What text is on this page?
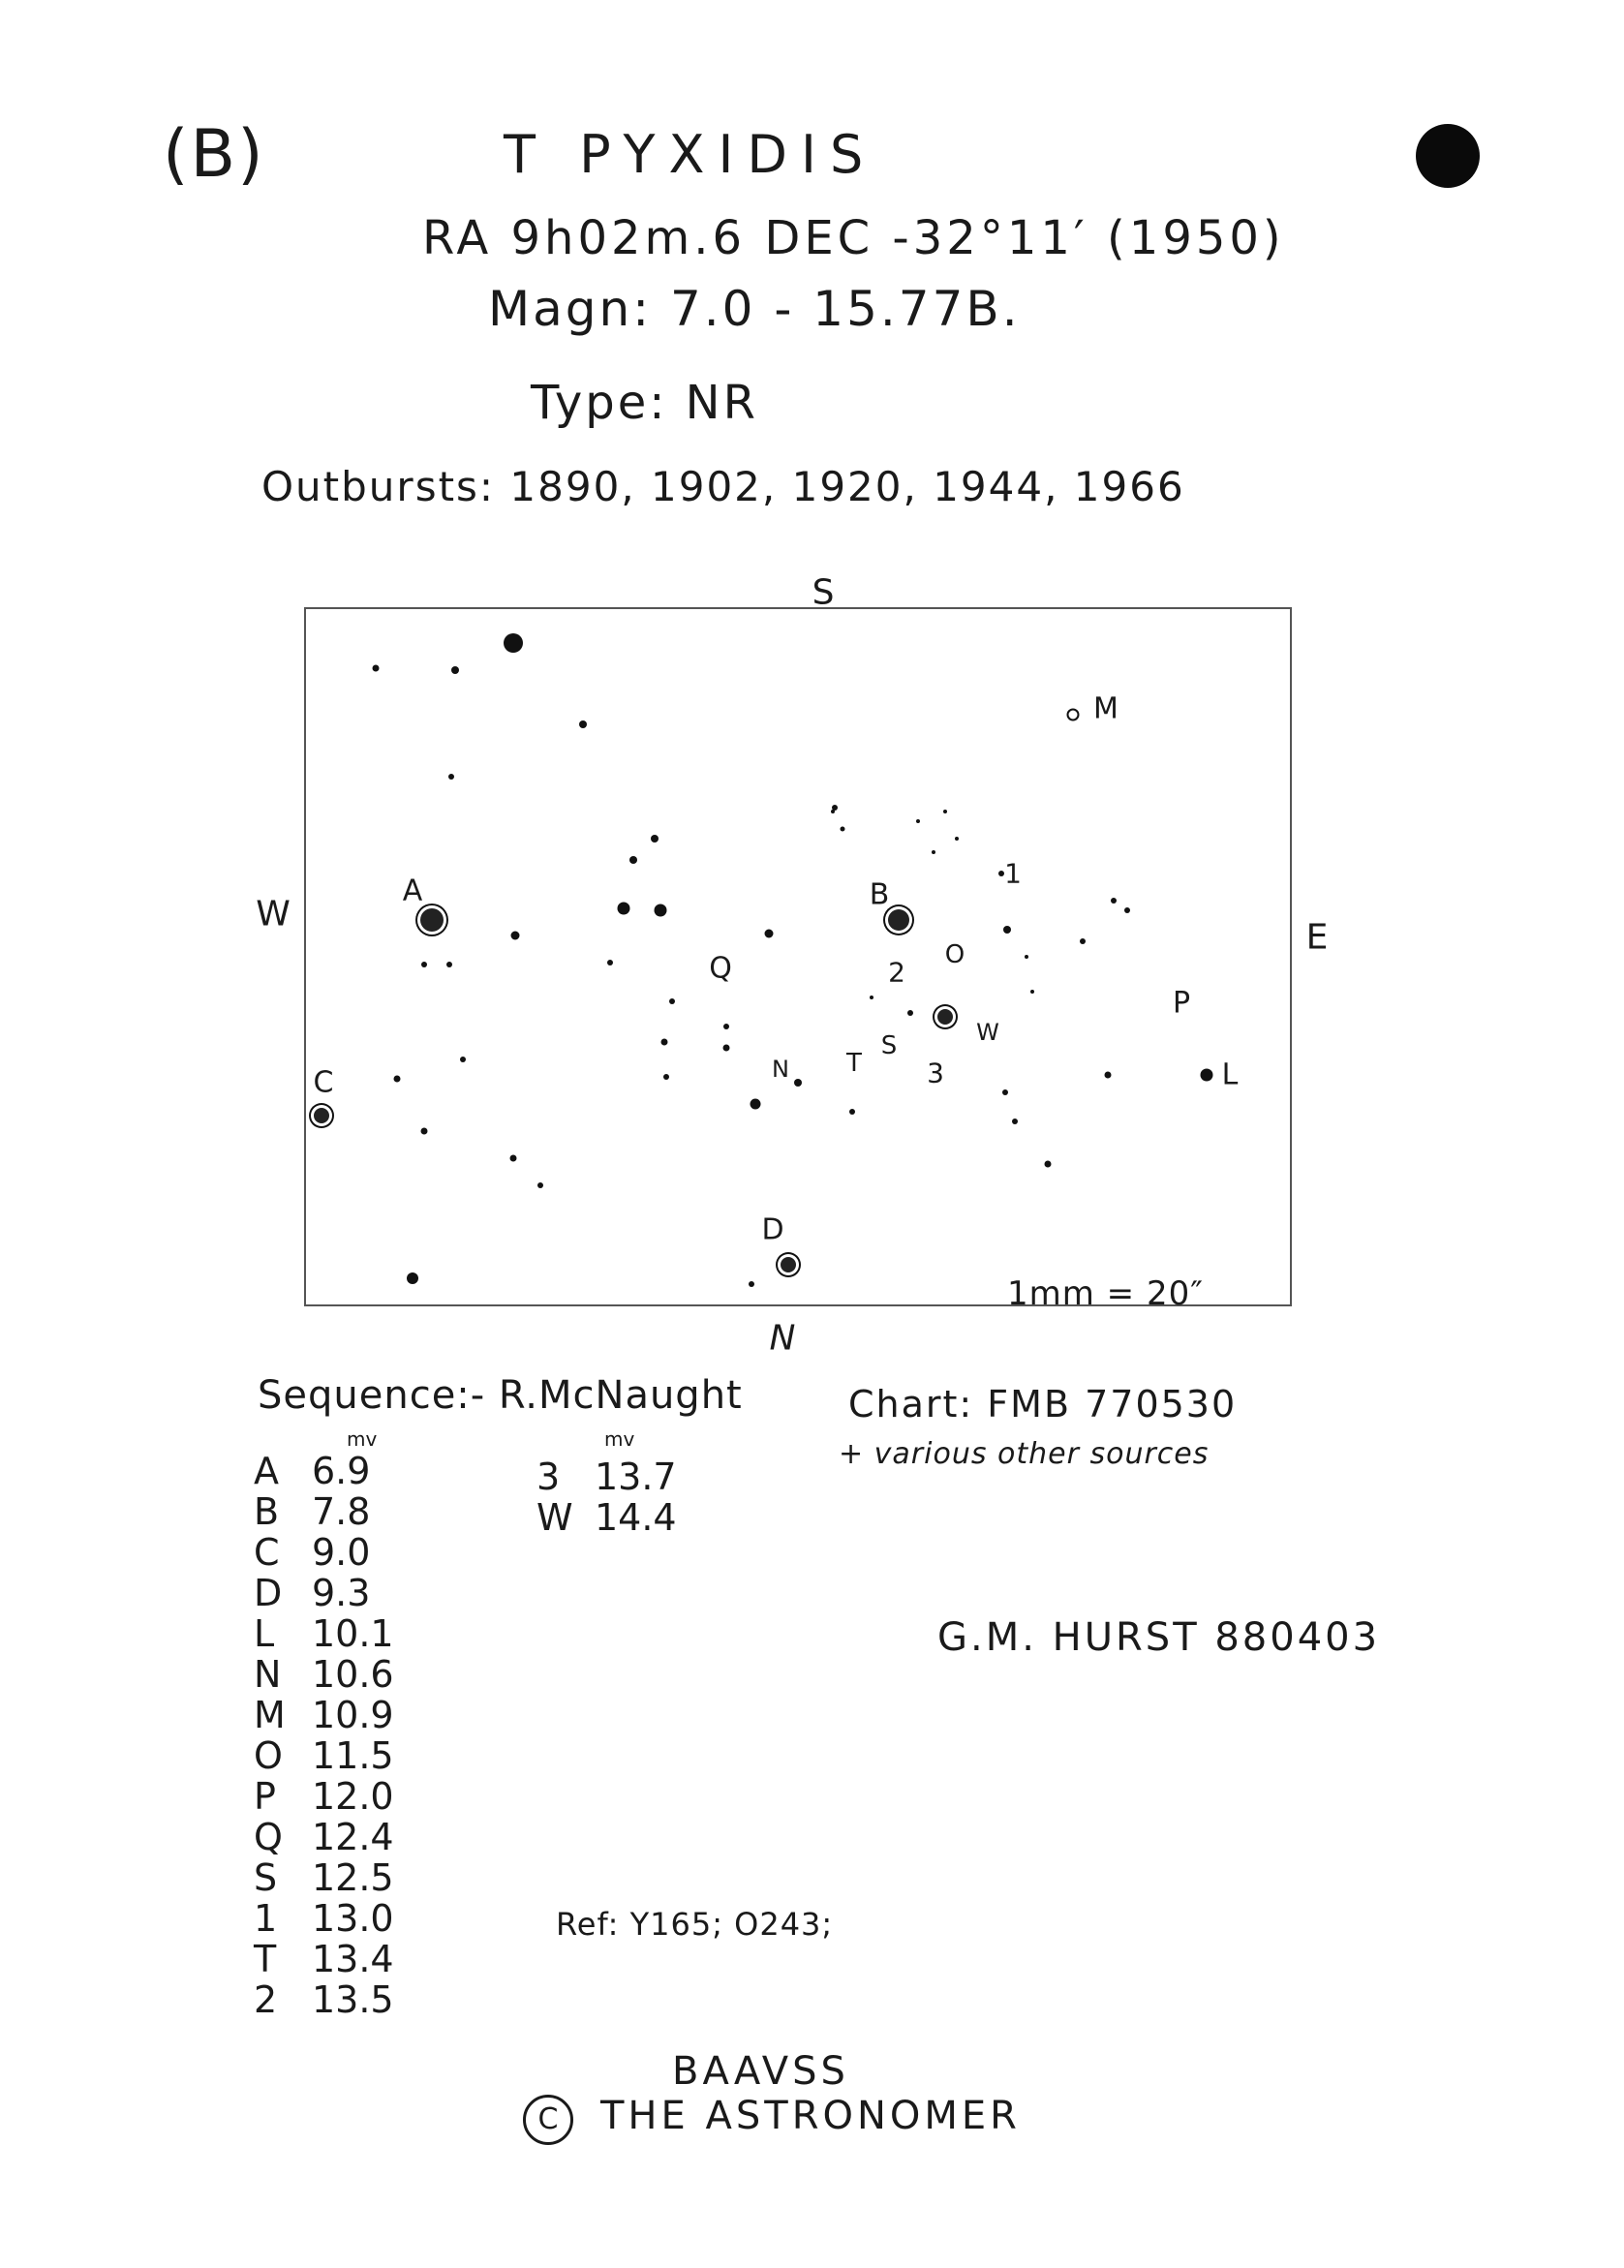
(B)	T PYXIDIS
RA 9h02m.6 DEC -32°11′ (1950)
Magn: 7.0 - 15.77B.
Type: NR
Outbursts: 1890, 1902, 1920, 1944, 1966
S
N
W
E
A	B
C
D
L
M
N
O
P
Q
S
T
W
1
2
3
1mm = 20″
Sequence:- R.McNaught
mv	mv
A 6.9
B 7.8
C 9.0
D 9.3
L	10.1
N 10.6
M 10.9
O 11.5
P 12.0
Q 12.4
S 12.5
1 13.0
T 13.4
2 13.5
3 13.7
W 14.4
Chart: FMB 770530
+ various other sources
G.M. HURST 880403
Ref: Y165; O243;
BAAVSS
C THE ASTRONOMER
